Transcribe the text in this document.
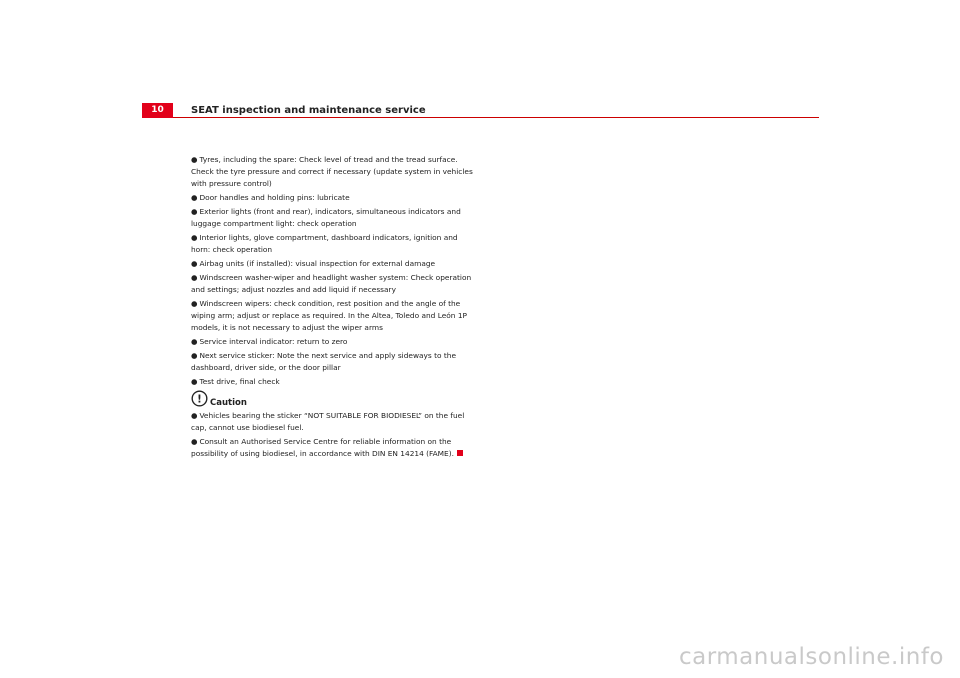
10	SEAT inspection and maintenance service
● Tyres, including the spare: Check level of tread and the tread surface. Check the tyre pressure and correct if necessary (update system in vehicles with pressure control)
● Door handles and holding pins: lubricate
● Exterior lights (front and rear), indicators, simultaneous indicators and luggage compartment light: check operation
● Interior lights, glove compartment, dashboard indicators, ignition and horn: check operation
● Airbag units (if installed): visual inspection for external damage
● Windscreen washer-wiper and headlight washer system: Check operation and settings; adjust nozzles and add liquid if necessary
● Windscreen wipers: check condition, rest position and the angle of the wiping arm; adjust or replace as required. In the Altea, Toledo and León 1P models, it is not necessary to adjust the wiper arms
● Service interval indicator: return to zero
● Next service sticker: Note the next service and apply sideways to the dashboard, driver side, or the door pillar
● Test drive, final check
! Caution
● Vehicles bearing the sticker “NOT SUITABLE FOR BIODIESEL” on the fuel cap, cannot use biodiesel fuel.
● Consult an Authorised Service Centre for reliable information on the possibility of using biodiesel, in accordance with DIN EN 14214 (FAME).
carmanualsonline.info
